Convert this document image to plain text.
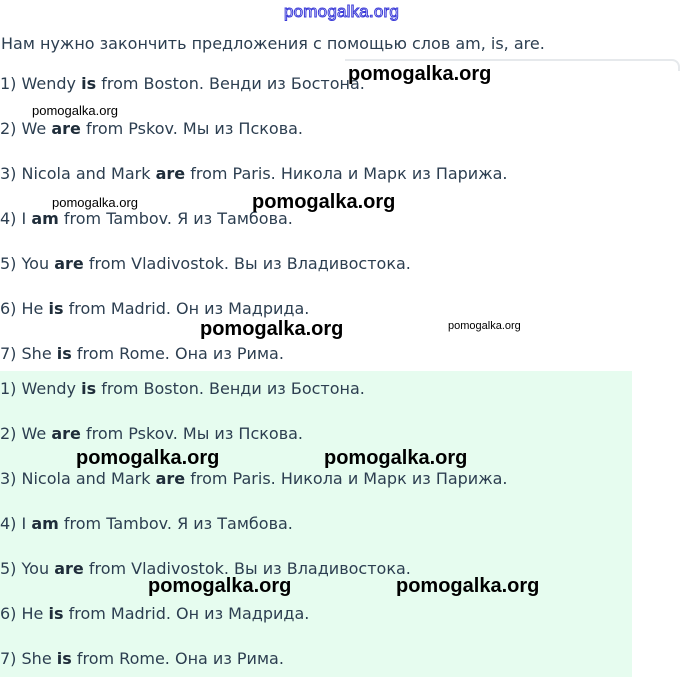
pomogalka.org
Нам нужно закончить предложения с помощью слов am, is, are.
1) Wendy is from Boston. Венди из Бостона.
2) We are from Pskov. Мы из Пскова.
3) Nicola and Mark are from Paris. Никола и Марк из Парижа.
4) I am from Tambov. Я из Тамбова.
5) You are from Vladivostok. Вы из Владивостока.
6) He is from Madrid. Он из Мадрида.
7) She is from Rome. Она из Рима.
1) Wendy is from Boston. Венди из Бостона.
2) We are from Pskov. Мы из Пскова.
3) Nicola and Mark are from Paris. Никола и Марк из Парижа.
4) I am from Tambov. Я из Тамбова.
5) You are from Vladivostok. Вы из Владивостока.
6) He is from Madrid. Он из Мадрида.
7) She is from Rome. Она из Рима.
pomogalka.org
pomogalka.org
pomogalka.org	pomogalka.org
pomogalka.org	pomogalka.org
pomogalka.org	pomogalka.org
pomogalka.org	pomogalka.org
